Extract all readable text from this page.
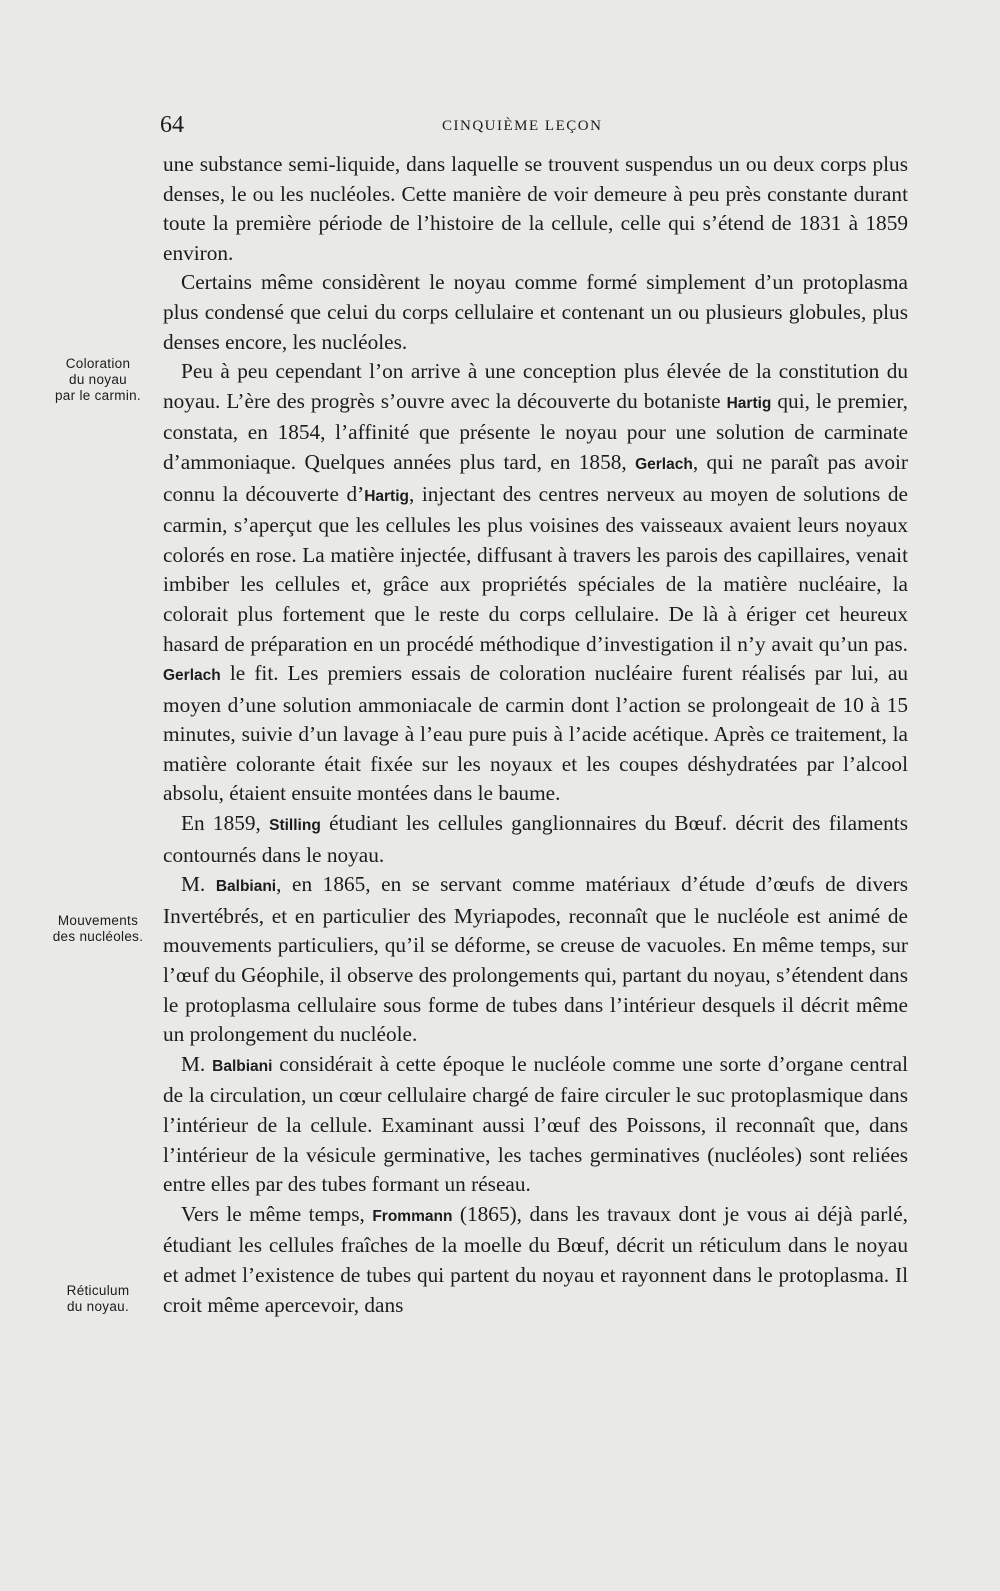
64	CINQUIÈME LEÇON
Coloration
du noyau
par le carmin.
Mouvements
des nucléoles.
Réticulum
du noyau.

une substance semi-liquide, dans laquelle se trouvent suspendus un ou deux corps plus denses, le ou les nucléoles. Cette manière de voir demeure à peu près constante durant toute la première période de l’histoire de la cellule, celle qui s’étend de 1831 à 1859 environ.

Certains même considèrent le noyau comme formé simplement d’un protoplasma plus condensé que celui du corps cellulaire et contenant un ou plusieurs globules, plus denses encore, les nucléoles.

Peu à peu cependant l’on arrive à une conception plus élevée de la constitution du noyau. L’ère des progrès s’ouvre avec la découverte du botaniste Hartig qui, le premier, constata, en 1854, l’affinité que présente le noyau pour une solution de carminate d’ammoniaque. Quelques années plus tard, en 1858, Gerlach, qui ne paraît pas avoir connu la découverte d’Hartig, injectant des centres nerveux au moyen de solutions de carmin, s’aperçut que les cellules les plus voisines des vaisseaux avaient leurs noyaux colorés en rose. La matière injectée, diffusant à travers les parois des capillaires, venait imbiber les cellules et, grâce aux propriétés spéciales de la matière nucléaire, la colorait plus fortement que le reste du corps cellulaire. De là à ériger cet heureux hasard de préparation en un procédé méthodique d’investigation il n’y avait qu’un pas. Gerlach le fit. Les premiers essais de coloration nucléaire furent réalisés par lui, au moyen d’une solution ammoniacale de carmin dont l’action se prolongeait de 10 à 15 minutes, suivie d’un lavage à l’eau pure puis à l’acide acétique. Après ce traitement, la matière colorante était fixée sur les noyaux et les coupes déshydratées par l’alcool absolu, étaient ensuite montées dans le baume.

En 1859, Stilling étudiant les cellules ganglionnaires du Bœuf. décrit des filaments contournés dans le noyau.

M. Balbiani, en 1865, en se servant comme matériaux d’étude d’œufs de divers Invertébrés, et en particulier des Myriapodes, reconnaît que le nucléole est animé de mouvements particuliers, qu’il se déforme, se creuse de vacuoles. En même temps, sur l’œuf du Géophile, il observe des prolongements qui, partant du noyau, s’étendent dans le protoplasma cellulaire sous forme de tubes dans l’intérieur desquels il décrit même un prolongement du nucléole.

M. Balbiani considérait à cette époque le nucléole comme une sorte d’organe central de la circulation, un cœur cellulaire chargé de faire circuler le suc protoplasmique dans l’intérieur de la cellule. Examinant aussi l’œuf des Poissons, il reconnaît que, dans l’intérieur de la vésicule germinative, les taches germinatives (nucléoles) sont reliées entre elles par des tubes formant un réseau.

Vers le même temps, Frommann (1865), dans les travaux dont je vous ai déjà parlé, étudiant les cellules fraîches de la moelle du Bœuf, décrit un réticulum dans le noyau et admet l’existence de tubes qui partent du noyau et rayonnent dans le protoplasma. Il croit même apercevoir, dans
